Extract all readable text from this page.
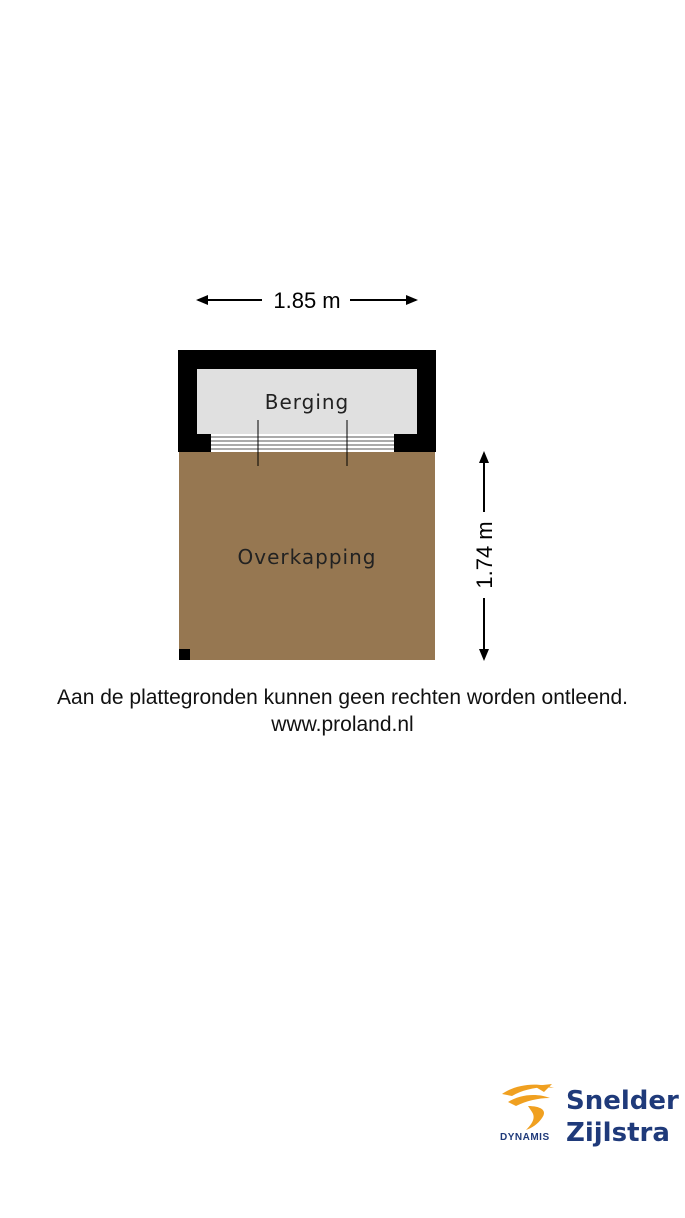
1.85 m
Berging
Overkapping	1.74 m
Aan de plattegronden kunnen geen rechten worden ontleend.
www.proland.nl
DYNAMIS
Snelder
Zijlstra
